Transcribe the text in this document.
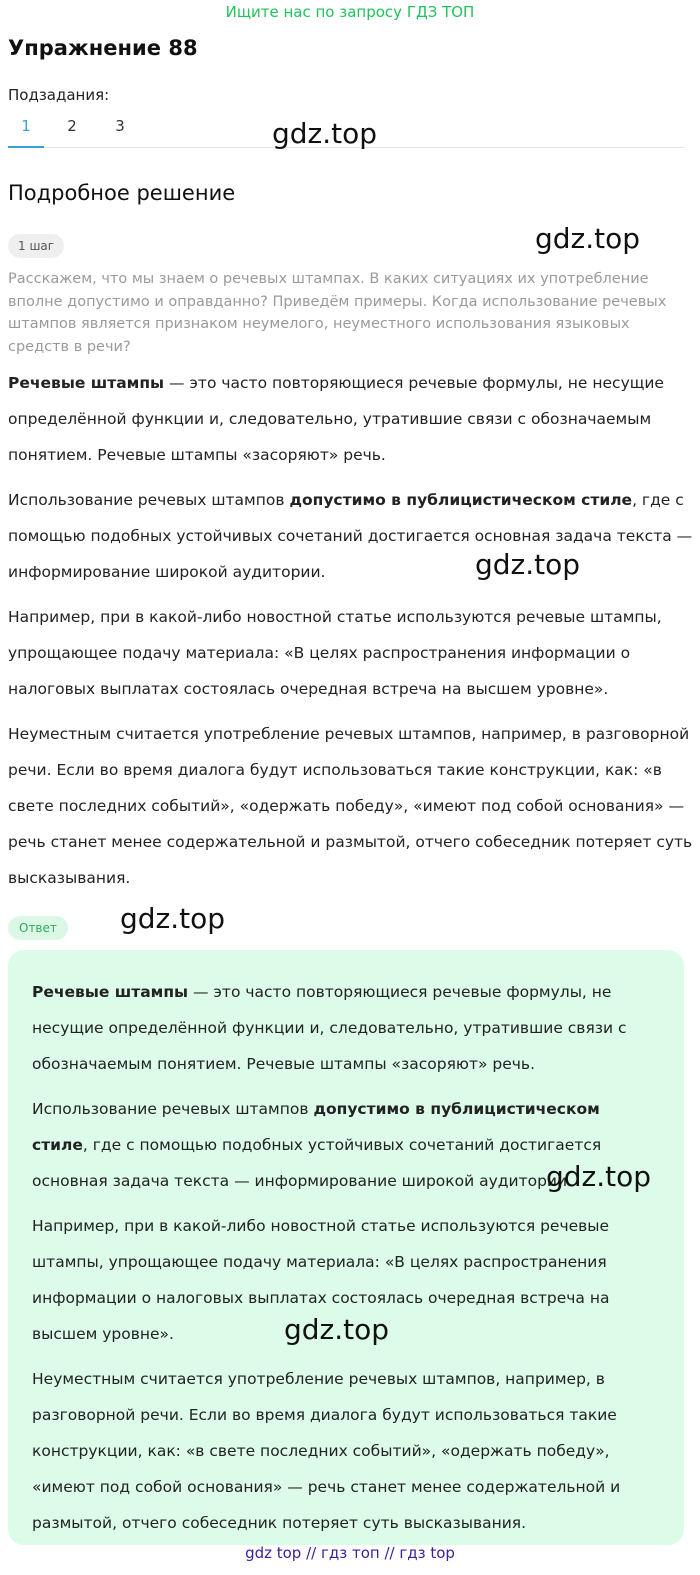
Ищите нас по запросу ГДЗ ТОП
Упражнение 88
Подзадания:
1	2	3	gdz.top
Подробное решение
1 шаг	gdz.top
Расскажем, что мы знаем о речевых штампах. В каких ситуациях их употребление вполне допустимо и оправданно? Приведём примеры. Когда использование речевых штампов является признаком неумелого, неуместного использования языковых средств в речи?

Речевые штампы — это часто повторяющиеся речевые формулы, не несущие определённой функции и, следовательно, утратившие связи с обозначаемым понятием. Речевые штампы «засоряют» речь.

Использование речевых штампов допустимо в публицистическом стиле, где с помощью подобных устойчивых сочетаний достигается основная задача текста — информирование широкой аудитории.

Например, при в какой-либо новостной статье используются речевые штампы, упрощающее подачу материала: «В целях распространения информации о налоговых выплатах состоялась очередная встреча на высшем уровне».

Неуместным считается употребление речевых штампов, например, в разговорной речи. Если во время диалога будут использоваться такие конструкции, как: «в свете последних событий», «одержать победу», «имеют под собой основания» — речь станет менее содержательной и размытой, отчего собеседник потеряет суть высказывания.

gdz.top
Ответ	gdz.top

Речевые штампы — это часто повторяющиеся речевые формулы, не несущие определённой функции и, следовательно, утратившие связи с обозначаемым понятием. Речевые штампы «засоряют» речь.

Использование речевых штампов допустимо в публицистическом стиле, где с помощью подобных устойчивых сочетаний достигается основная задача текста — информирование широкой аудитории.

Например, при в какой-либо новостной статье используются речевые штампы, упрощающее подачу материала: «В целях распространения информации о налоговых выплатах состоялась очередная встреча на высшем уровне».

Неуместным считается употребление речевых штампов, например, в разговорной речи. Если во время диалога будут использоваться такие конструкции, как: «в свете последних событий», «одержать победу», «имеют под собой основания» — речь станет менее содержательной и размытой, отчего собеседник потеряет суть высказывания.

gdz.top
gdz.top
gdz top // гдз топ // гдз top
